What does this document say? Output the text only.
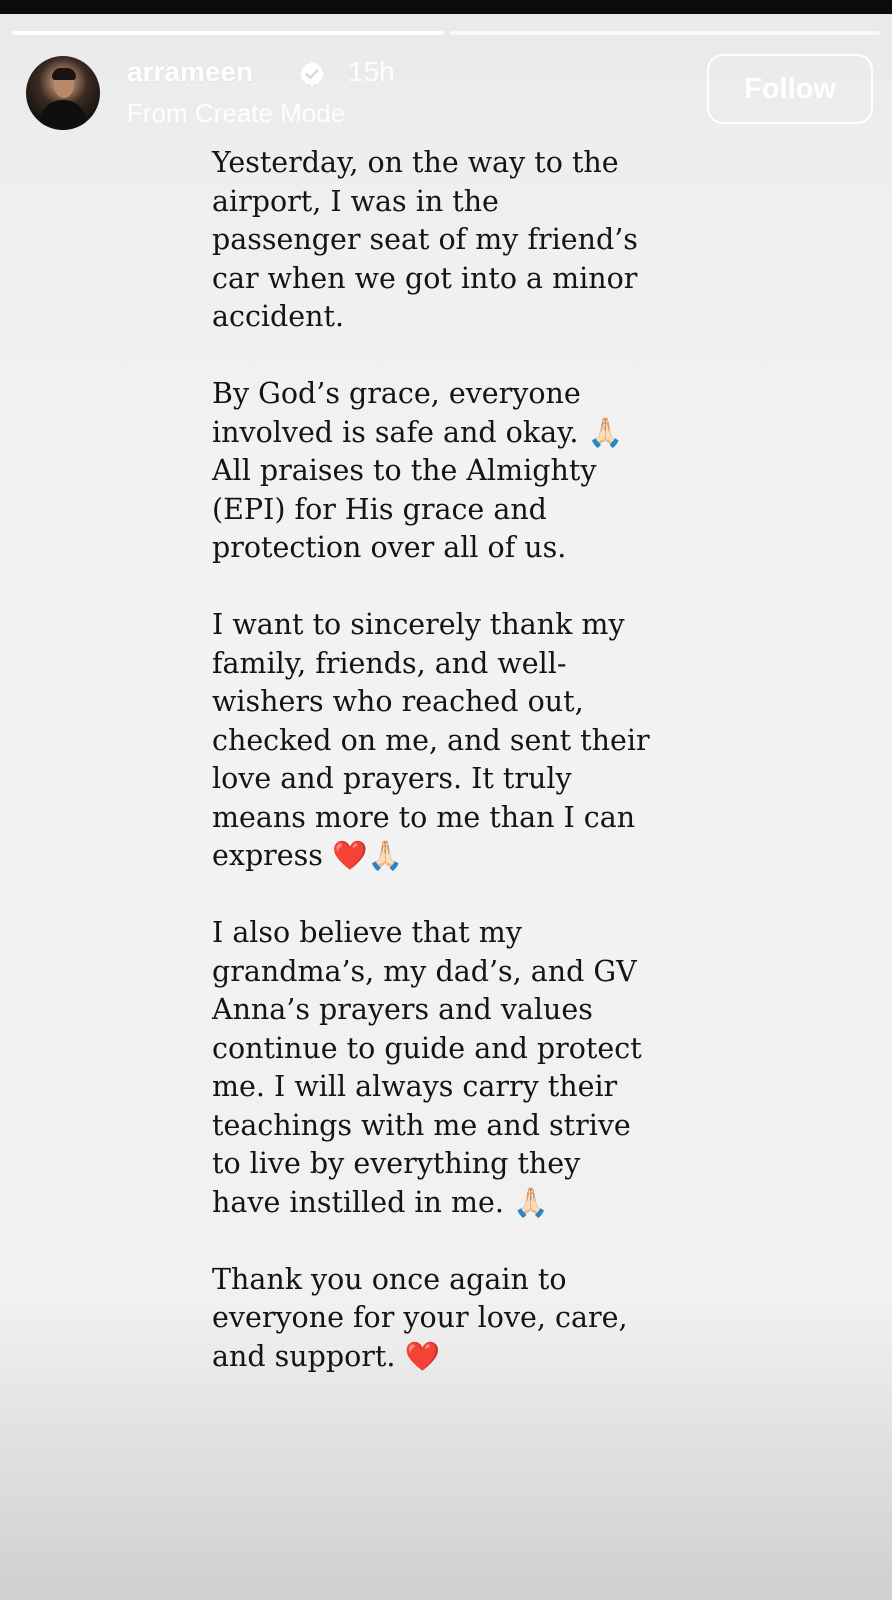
arrameen	15h
From Create Mode
Follow

Yesterday, on the way to the
airport, I was in the
passenger seat of my friend’s
car when we got into a minor
accident.

By God’s grace, everyone
involved is safe and okay. 🙏🏻
All praises to the Almighty
(EPI) for His grace and
protection over all of us.

I want to sincerely thank my
family, friends, and well-
wishers who reached out,
checked on me, and sent their
love and prayers. It truly
means more to me than I can
express ❤️🙏🏻

I also believe that my
grandma’s, my dad’s, and GV
Anna’s prayers and values
continue to guide and protect
me. I will always carry their
teachings with me and strive
to live by everything they
have instilled in me. 🙏🏻

Thank you once again to
everyone for your love, care,
and support. ❤️
